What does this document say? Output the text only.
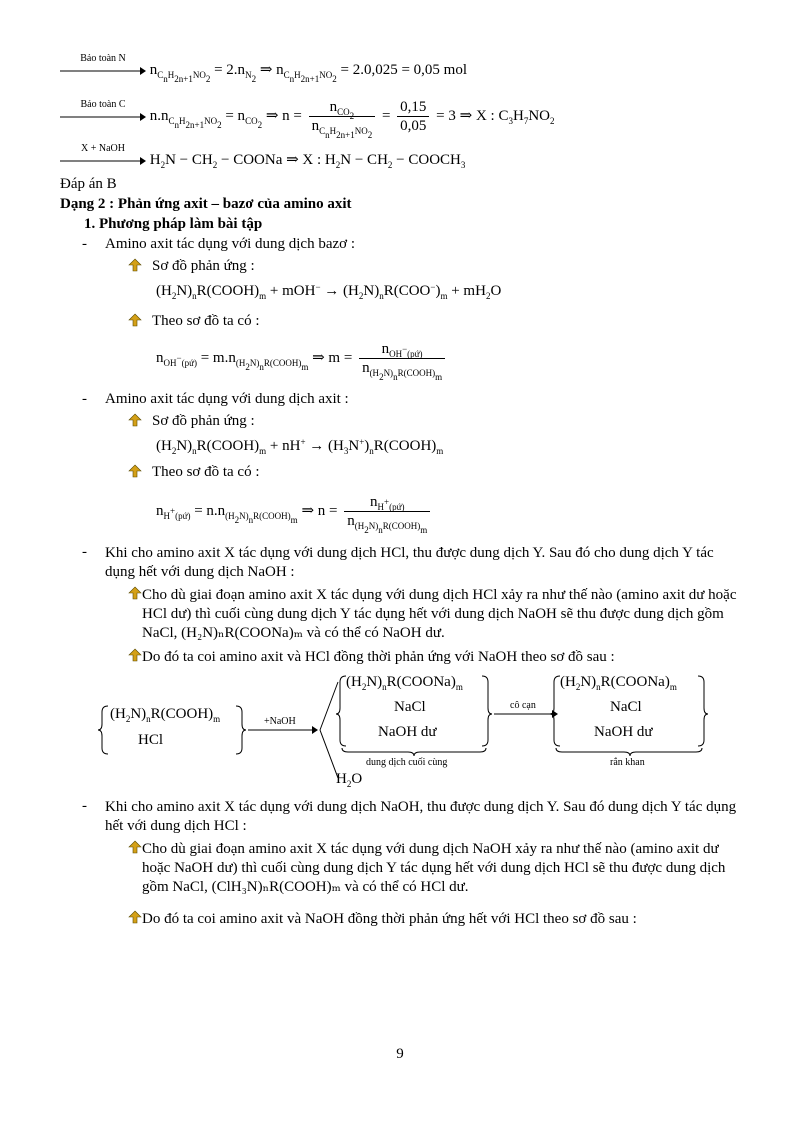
Bảo toàn N
$n_{C_nH_{2n+1}NO_2} = 2.n_{N_2}$ ⇒ $n_{C_nH_{2n+1}NO_2} = 2.0,025 = 0,05$ mol
Bảo toàn C
$n.n_{C_nH_{2n+1}NO_2} = n_{CO_2}$ ⇒ $n = \frac{n_{CO_2}}{n_{C_nH_{2n+1}NO_2}} = \frac{0,15}{0,05} = 3$ ⇒ X : $C_3H_7NO_2$
X + NaOH
$H_2N - CH_2$ − COONa ⇒ X : $H_2N - CH_2$ − $COOCH_3$
Đáp án B
Dạng 2 : Phản ứng axit – bazơ của amino axit
1. Phương pháp làm bài tập
- Amino axit tác dụng với dung dịch bazơ :
Sơ đồ phản ứng :
$(H_2N)_nR(COOH)_m + mOH^- \to (H_2N)_nR(COO^-)_m + mH_2O$
Theo sơ đồ ta có :
$n_{OH^-(pứ)} = m.n_{(H_2N)_nR(COOH)_m}$ ⇒ $m = \frac{n_{OH^-(pứ)}}{n_{(H_2N)_nR(COOH)_m}}$
- Amino axit tác dụng với dung dịch axit :
Sơ đồ phản ứng :
$(H_2N)_nR(COOH)_m + nH^+$ → $(H_3N^+)_nR(COOH)_m$
Theo sơ đồ ta có :
$n_{H^+(pứ)} = n.n_{(H_2N)_nR(COOH)_m}$ ⇒ $n = \frac{n_{H^+(pứ)}}{n_{(H_2N)_nR(COOH)_m}}$
- Khi cho amino axit X tác dụng với dung dịch HCl, thu được dung dịch Y. Sau đó cho dung dịch Y tác dụng hết với dung dịch NaOH :
Cho dù giai đoạn amino axit X tác dụng với dung dịch HCl xảy ra như thế nào (amino axit dư hoặc HCl dư) thì cuối cùng dung dịch Y tác dụng hết với dung dịch NaOH sẽ thu được dung dịch gồm NaCl, (H₂N)ₙR(COONa)ₘ và có thể có NaOH dư.
Do đó ta coi amino axit và HCl đồng thời phản ứng với NaOH theo sơ đồ sau :
$(H_2N)_nR(COOH)_m$
HCl
+NaOH
$(H_2N)_nR(COONa)_m$
NaCl
NaOH dư
dung dịch cuối cùng
$H_2O$
cô cạn
$(H_2N)_nR(COONa)_m$
NaCl
NaOH dư
rắn khan
- Khi cho amino axit X tác dụng với dung dịch NaOH, thu được dung dịch Y. Sau đó dung dịch Y tác dụng hết với dung dịch HCl :
Cho dù giai đoạn amino axit X tác dụng với dung dịch NaOH xảy ra như thế nào (amino axit dư hoặc NaOH dư) thì cuối cùng dung dịch Y tác dụng hết với dung dịch HCl sẽ thu được dung dịch gồm NaCl, (ClH₃N)ₙR(COOH)ₘ và có thể có HCl dư.
Do đó ta coi amino axit và NaOH đồng thời phản ứng hết với HCl theo sơ đồ sau :
9
